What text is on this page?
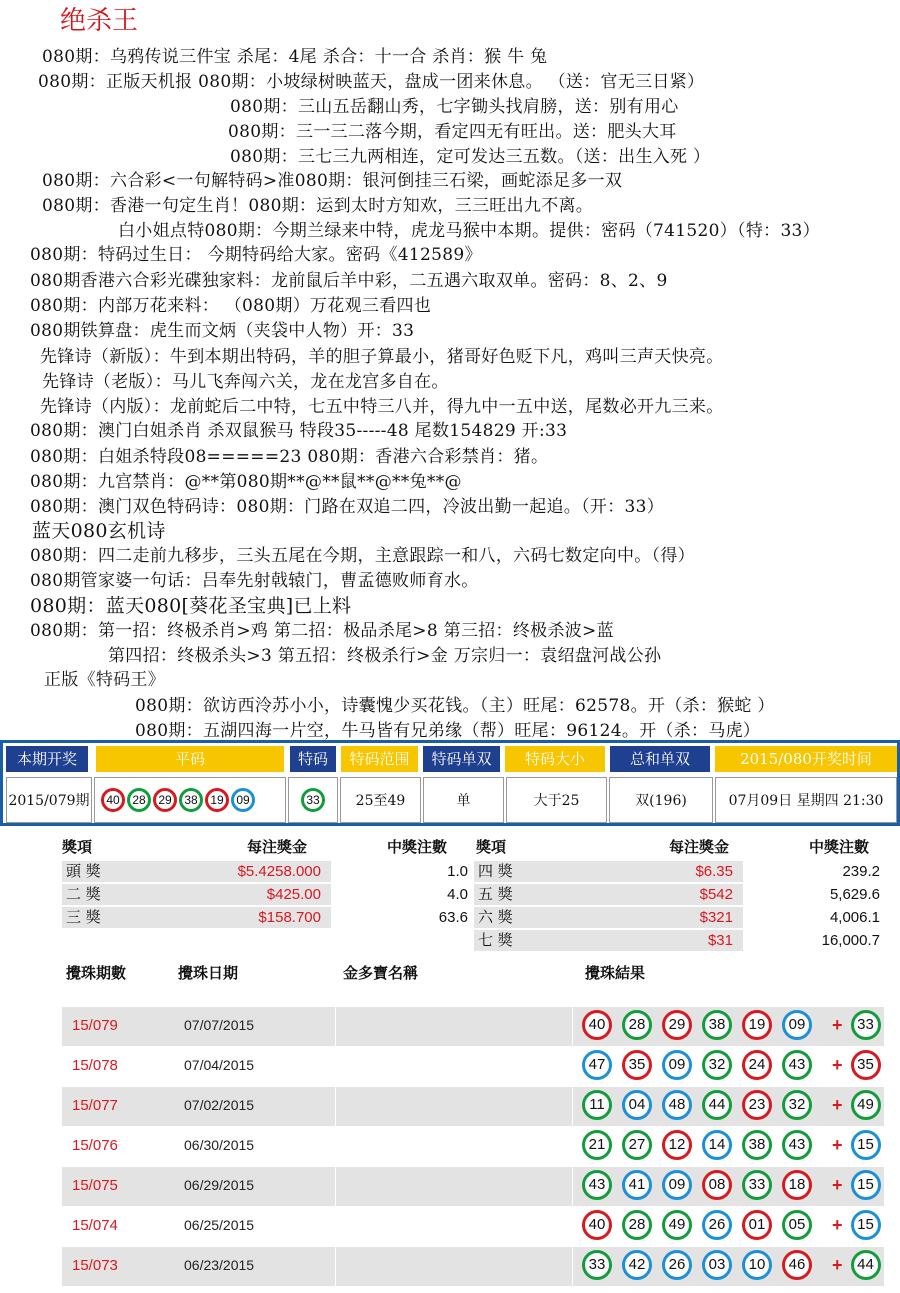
绝杀王
080期：乌鸦传说三件宝 杀尾：4尾 杀合：十一合 杀肖：猴 牛 兔
080期：正版天机报 080期：小坡绿树映蓝天，盘成一团来休息。 （送：官无三日紧）
080期：三山五岳翻山秀，七字锄头找肩膀，送：别有用心
080期：三一三二落今期，看定四无有旺出。送：肥头大耳
080期：三七三九两相连，定可发达三五数。（送：出生入死 ）
080期：六合彩<一句解特码>准080期：银河倒挂三石梁，画蛇添足多一双
080期：香港一句定生肖！080期：运到太时方知欢，三三旺出九不离。
白小姐点特080期：今期兰绿来中特，虎龙马猴中本期。提供：密码（741520）（特：33）
080期：特码过生日： 今期特码给大家。密码《412589》
080期香港六合彩光碟独家料：龙前鼠后羊中彩，二五遇六取双单。密码：8、2、9
080期：内部万花来料： （080期）万花观三看四也
080期铁算盘：虎生而文炳（夹袋中人物）开：33
先锋诗（新版）：牛到本期出特码，羊的胆子算最小，猪哥好色贬下凡，鸡叫三声天快亮。
先锋诗（老版）：马儿飞奔闯六关，龙在龙宫多自在。
先锋诗（内版）：龙前蛇后二中特，七五中特三八并，得九中一五中送，尾数必开九三来。
080期：澳门白姐杀肖 杀双鼠猴马 特段35-----48 尾数154829 开:33
080期：白姐杀特段08=====23 080期：香港六合彩禁肖：猪。
080期：九宫禁肖：@**第080期**@**鼠**@**兔**@
080期：澳门双色特码诗：080期：门路在双追二四，冷波出勤一起追。（开：33）
蓝天080玄机诗
080期：四二走前九移步，三头五尾在今期，主意跟踪一和八，六码七数定向中。（得）
080期管家婆一句话：吕奉先射戟辕门，曹孟德败师育水。
080期：蓝天080[葵花圣宝典]已上料
080期：第一招：终极杀肖>鸡 第二招：极品杀尾>8 第三招：终极杀波>蓝
第四招：终极杀头>3 第五招：终极杀行>金 万宗归一：袁绍盘河战公孙
正版《特码王》
080期：欲访西泠苏小小，诗囊愧少买花钱。（主）旺尾：62578。开（杀：猴蛇 ）
080期：五湖四海一片空，牛马皆有兄弟缘（帮）旺尾：96124。开（杀：马虎）
本期开奖	平码	特码	特码范围	特码单双	特码大小	总和单双	2015/080开奖时间
2015/079期	40	28	29	38	19	09	33	25至49	单	大于25	双(196)	07月09日 星期四 21:30
獎項	每注獎金	中獎注數
頭 獎	$5.4258.000	1.0
二 獎	$425.00	4.0
三 獎	$158.700	63.6
獎項	每注獎金	中獎注數
四 獎	$6.35	239.2
五 獎	$542	5,629.6
六 獎	$321	4,006.1
七 獎	$31	16,000.7
攪珠期數	攪珠日期	金多寶名稱	攪珠結果
15/079	07/07/2015	40	28	29	38	19	09	+ 33
15/078	07/04/2015	47	35	09	32	24	43	+ 35
15/077	07/02/2015	11	04	48	44	23	32	+ 49
15/076	06/30/2015	21	27	12	14	38	43	+ 15
15/075	06/29/2015	43	41	09	08	33	18	+ 15
15/074	06/25/2015	40	28	49	26	01	05	+ 15
15/073	06/23/2015	33	42	26	03	10	46	+ 44
